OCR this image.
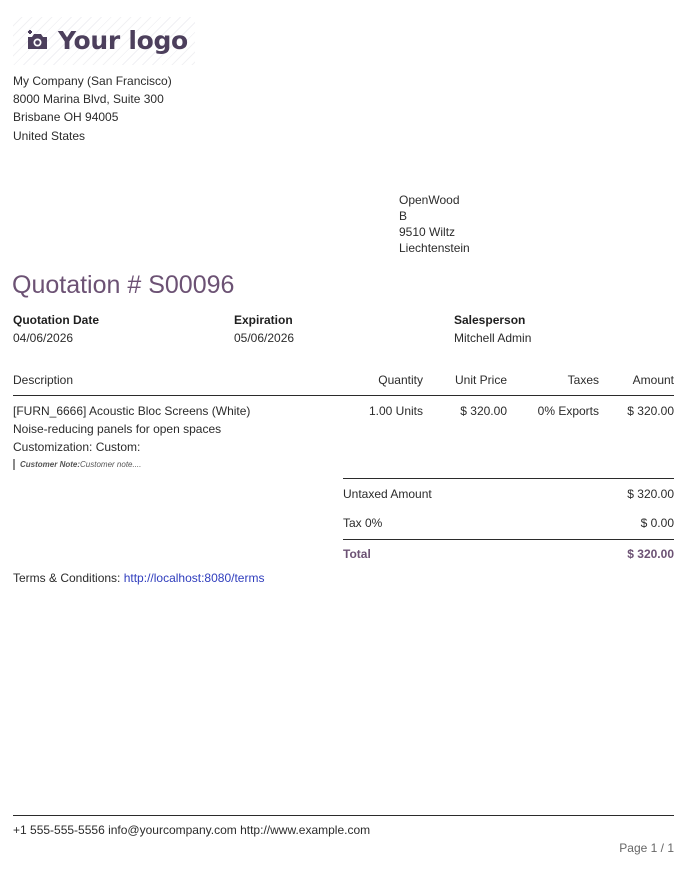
Your logo
My Company (San Francisco)
8000 Marina Blvd, Suite 300
Brisbane OH 94005
United States
OpenWood
B
9510 Wiltz
Liechtenstein
Quotation # S00096
Quotation Date
04/06/2026
Expiration
05/06/2026
Salesperson
Mitchell Admin
Description	Quantity	Unit Price	Taxes	Amount
[FURN_6666] Acoustic Bloc Screens (White)
Noise-reducing panels for open spaces
Customization: Custom:
Customer Note:Customer note....
1.00 Units	$ 320.00	0% Exports $ 320.00
Untaxed Amount	$ 320.00
Tax 0%	$ 0.00
Total	$ 320.00
Terms & Conditions: http://localhost:8080/terms
+1 555-555-5556 info@yourcompany.com http://www.example.com
Page 1 / 1
